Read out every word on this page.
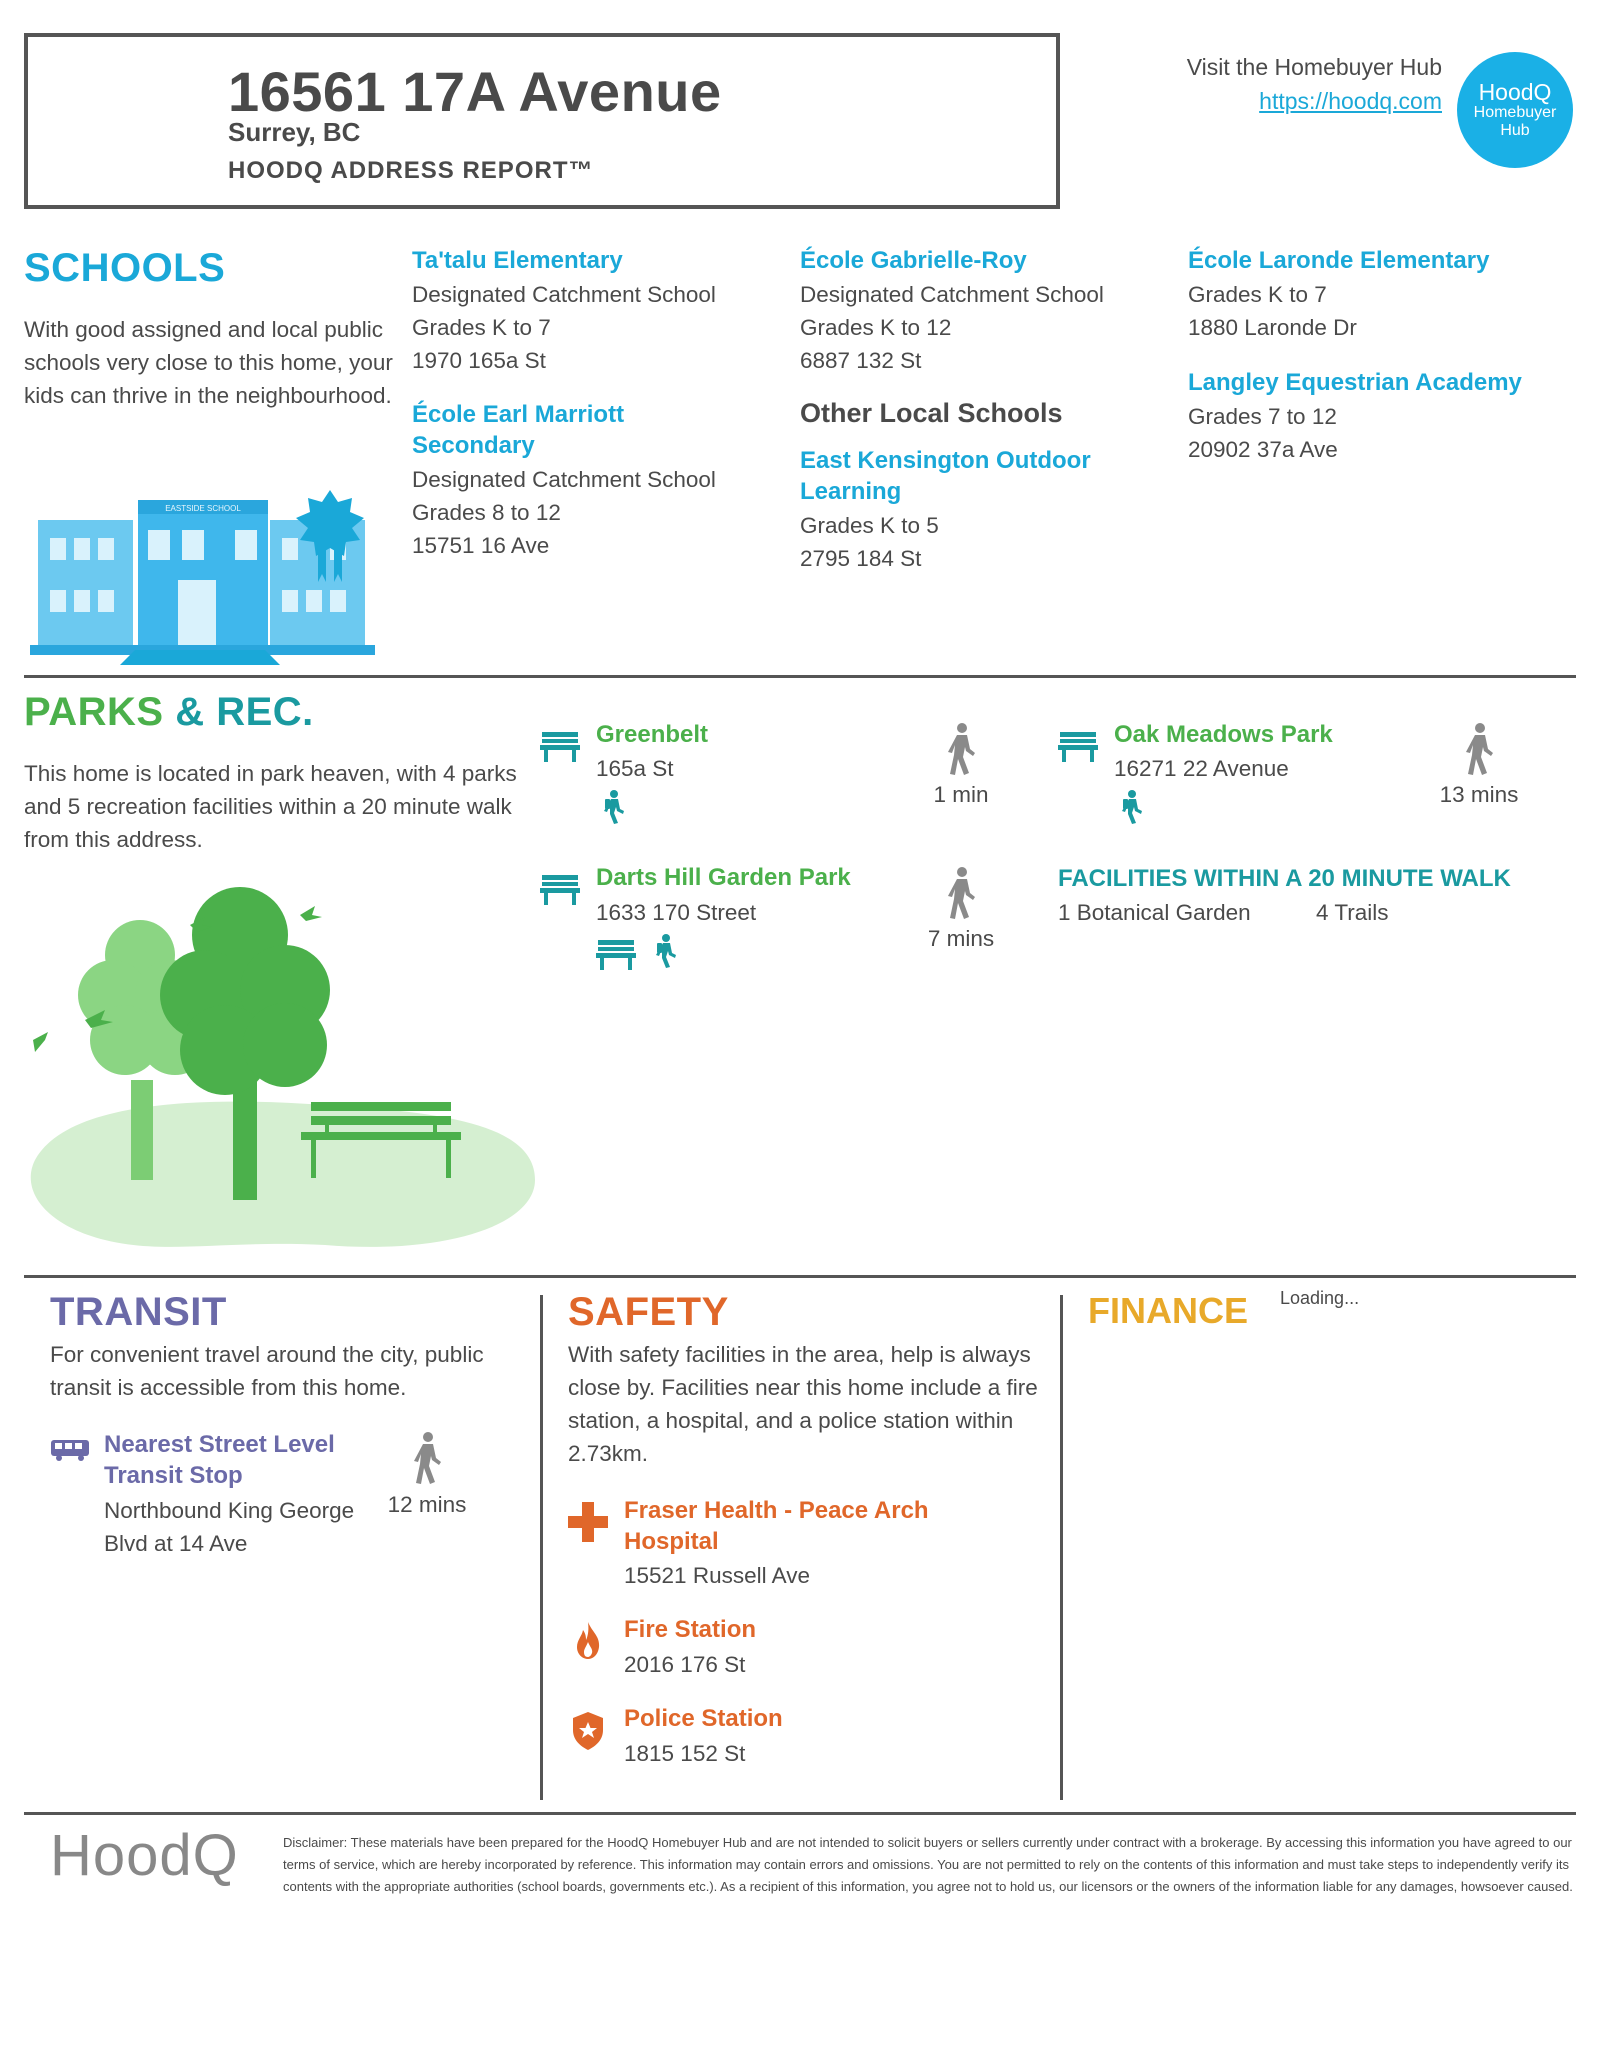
16561 17A Avenue
Surrey, BC
HOODQ ADDRESS REPORT™
Visit the Homebuyer Hub
https://hoodq.com	HoodQ
Homebuyer
Hub
SCHOOLS
With good assigned and local public schools very close to this home, your kids can thrive in the neighbourhood.
EASTSIDE SCHOOL
Ta'talu Elementary
Designated Catchment School
Grades K to 7
1970 165a St
École Earl Marriott
Secondary
Designated Catchment School
Grades 8 to 12
15751 16 Ave
École Gabrielle-Roy
Designated Catchment School
Grades K to 12
6887 132 St
Other Local Schools
East Kensington Outdoor
Learning
Grades K to 5
2795 184 St
École Laronde Elementary
Grades K to 7
1880 Laronde Dr
Langley Equestrian Academy
Grades 7 to 12
20902 37a Ave
PARKS & REC.
This home is located in park heaven, with 4 parks and 5 recreation facilities within a 20 minute walk from this address.
Greenbelt
165a St
1 min
Oak Meadows Park
16271 22 Avenue
13 mins
Darts Hill Garden Park
1633 170 Street
7 mins
FACILITIES WITHIN A 20 MINUTE WALK
1 Botanical Garden	4 Trails
TRANSIT
For convenient travel around the city, public transit is accessible from this home.
Nearest Street Level
Transit Stop
Northbound King George
Blvd at 14 Ave
12 mins
SAFETY
With safety facilities in the area, help is always close by. Facilities near this home include a fire station, a hospital, and a police station within 2.73km.
Fraser Health - Peace Arch
Hospital
15521 Russell Ave
Fire Station
2016 176 St
Police Station
1815 152 St
FINANCE Loading...
HoodQ	Disclaimer: These materials have been prepared for the HoodQ Homebuyer Hub and are not intended to solicit buyers or sellers currently under contract with a brokerage. By accessing this information you have agreed to our terms of service, which are hereby incorporated by reference. This information may contain errors and omissions. You are not permitted to rely on the contents of this information and must take steps to independently verify its contents with the appropriate authorities (school boards, governments etc.). As a recipient of this information, you agree not to hold us, our licensors or the owners of the information liable for any damages, howsoever caused.
